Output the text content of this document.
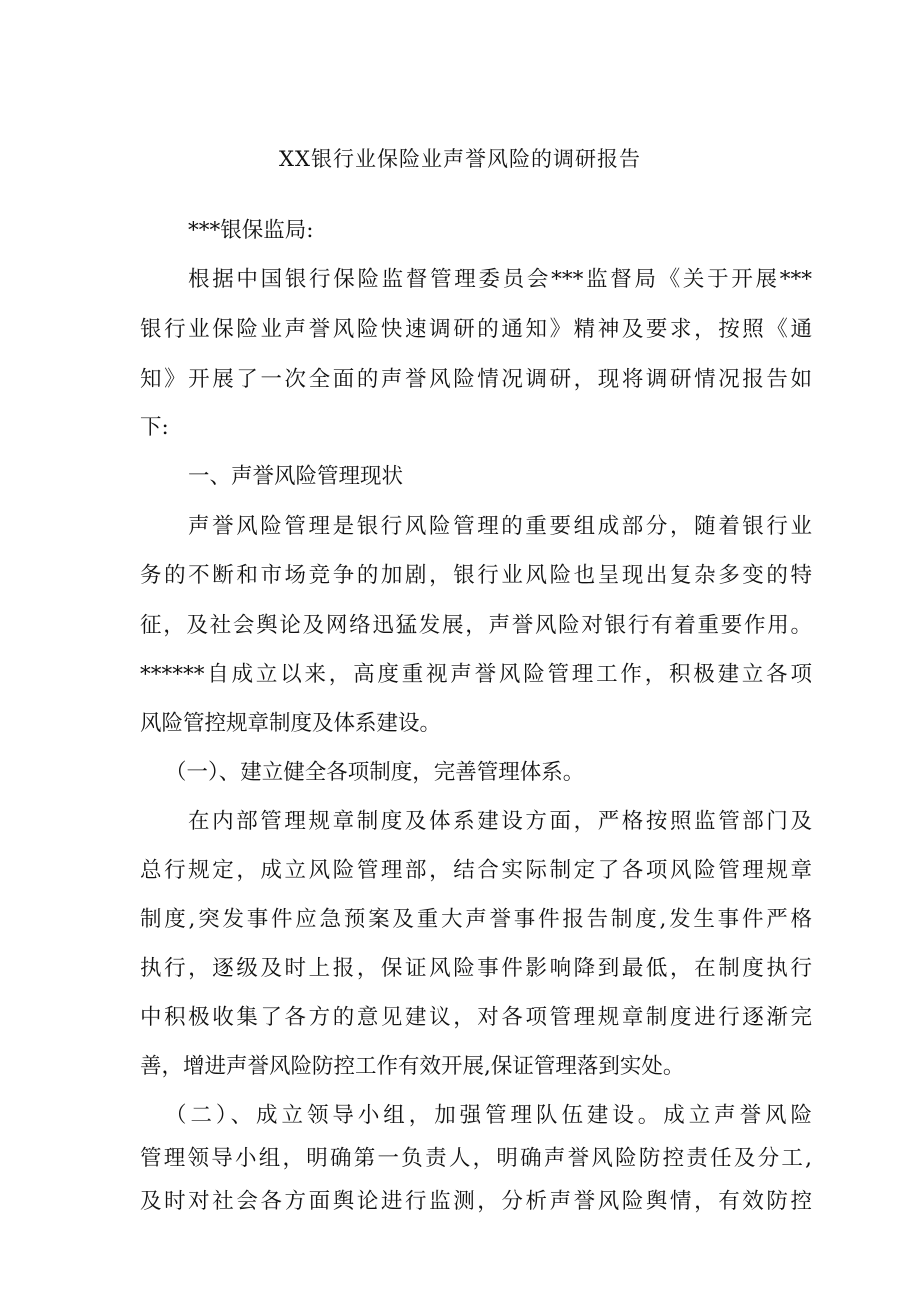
XX银行业保险业声誉风险的调研报告
***银保监局:
根据中国银行保险监督管理委员会***监督局《关于开展***
银行业保险业声誉风险快速调研的通知》精神及要求，按照《通
知》开展了一次全面的声誉风险情况调研，现将调研情况报告如
下:
一、声誉风险管理现状
声誉风险管理是银行风险管理的重要组成部分，随着银行业
务的不断和市场竞争的加剧，银行业风险也呈现出复杂多变的特
征，及社会舆论及网络迅猛发展，声誉风险对银行有着重要作用。
******自成立以来，高度重视声誉风险管理工作，积极建立各项
风险管控规章制度及体系建设。
（一）、建立健全各项制度，完善管理体系。
在内部管理规章制度及体系建设方面，严格按照监管部门及
总行规定，成立风险管理部，结合实际制定了各项风险管理规章
制度,突发事件应急预案及重大声誉事件报告制度,发生事件严格
执行，逐级及时上报，保证风险事件影响降到最低，在制度执行
中积极收集了各方的意见建议，对各项管理规章制度进行逐渐完
善，增进声誉风险防控工作有效开展,保证管理落到实处。
（二）、成立领导小组，加强管理队伍建设。成立声誉风险
管理领导小组，明确第一负责人，明确声誉风险防控责任及分工,
及时对社会各方面舆论进行监测，分析声誉风险舆情，有效防控
